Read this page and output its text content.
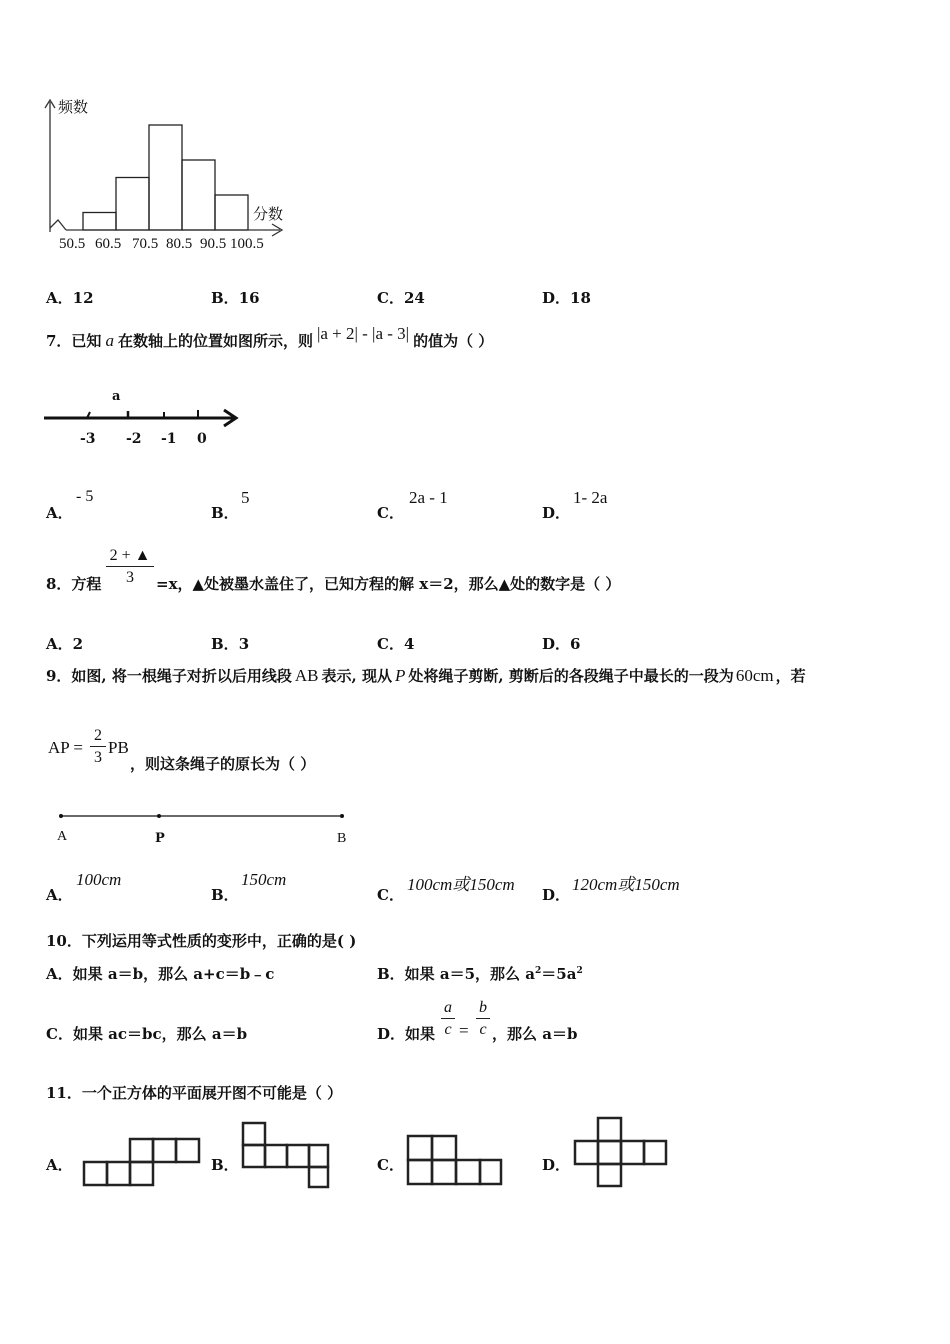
频数
分数
50.5 60.5 70.5 80.5 90.5 100.5
A．12	B．16	C．24	D．18
7．已知 a 在数轴上的位置如图所示，则 |a + 2| - |a - 3| 的值为（ ）
a
-3 -2 -1 0
A．
- 5
B．
5
C．
2a - 1
D．
1- 2a
8．方程
2 + ▲
3	=x，▲处被墨水盖住了，已知方程的解 x＝2，那么▲处的数字是（ ）
A．2	B．3	C．4	D．6
9．如图, 将一根绳子对折以后用线段 AB 表示, 现从 P 处将绳子剪断, 剪断后的各段绳子中最长的一段为 60cm ，若
AP =
2
3
PB
，则这条绳子的原长为（ ）
A	P	B
A．
100cm
B．
150cm
C．
100cm或150cm
D．
120cm或150cm
10．下列运用等式性质的变形中，正确的是( )
A．如果 a＝b，那么 a+c＝b﹣c	B．如果 a＝5，那么 $a^2=5a^2$
C．如果 ac＝bc，那么 a＝b	D．如果
a
c =
b
c ，那么 a＝b
11．一个正方体的平面展开图不可能是（ ）
A．	B．	C．	D．
